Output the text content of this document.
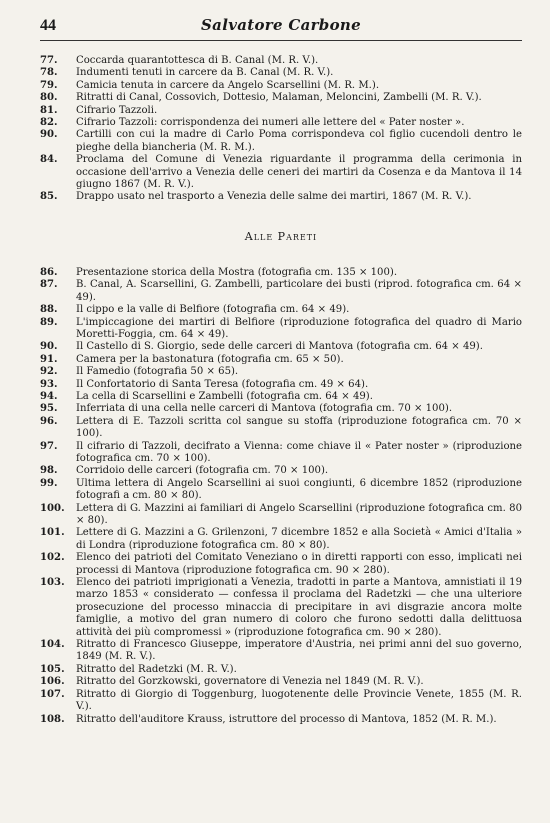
44	Salvatore Carbone
77.	Coccarda quarantottesca di B. Canal (M. R. V.).
78.	Indumenti tenuti in carcere da B. Canal (M. R. V.).
79.	Camicia tenuta in carcere da Angelo Scarsellini (M. R. M.).
80.	Ritratti di Canal, Cossovich, Dottesio, Malaman, Meloncini, Zambelli (M. R. V.).
81.	Cifrario Tazzoli.
82.	Cifrario Tazzoli: corrispondenza dei numeri alle lettere del « Pater noster ».
90.	Cartilli con cui la madre di Carlo Poma corrispondeva col figlio cucendoli dentro le pieghe della biancheria (M. R. M.).
84.	Proclama del Comune di Venezia riguardante il programma della cerimonia in occasione dell'arrivo a Venezia delle ceneri dei martiri da Cosenza e da Mantova il 14 giugno 1867 (M. R. V.).
85.	Drappo usato nel trasporto a Venezia delle salme dei martiri, 1867 (M. R. V.).
Alle Pareti
86.	Presentazione storica della Mostra (fotografia cm. 135 × 100).
87.	B. Canal, A. Scarsellini, G. Zambelli, particolare dei busti (riprod. fotografica cm. 64 × 49).
88.	Il cippo e la valle di Belfiore (fotografia cm. 64 × 49).
89.	L'impiccagione dei martiri di Belfiore (riproduzione fotografica del quadro di Mario Moretti-Foggia, cm. 64 × 49).
90.	Il Castello di S. Giorgio, sede delle carceri di Mantova (fotografia cm. 64 × 49).
91.	Camera per la bastonatura (fotografia cm. 65 × 50).
92.	Il Famedio (fotografia 50 × 65).
93.	Il Confortatorio di Santa Teresa (fotografia cm. 49 × 64).
94.	La cella di Scarsellini e Zambelli (fotografia cm. 64 × 49).
95.	Inferriata di una cella nelle carceri di Mantova (fotografia cm. 70 × 100).
96.	Lettera di E. Tazzoli scritta col sangue su stoffa (riproduzione fotografica cm. 70 × 100).
97.	Il cifrario di Tazzoli, decifrato a Vienna: come chiave il « Pater noster » (riproduzione fotografica cm. 70 × 100).
98.	Corridoio delle carceri (fotografia cm. 70 × 100).
99.	Ultima lettera di Angelo Scarsellini ai suoi congiunti, 6 dicembre 1852 (riproduzione fotografi a cm. 80 × 80).
100.	Lettera di G. Mazzini ai familiari di Angelo Scarsellini (riproduzione fotografica cm. 80 × 80).
101.	Lettere di G. Mazzini a G. Grilenzoni, 7 dicembre 1852 e alla Società « Amici d'Italia » di Londra (riproduzione fotografica cm. 80 × 80).
102.	Elenco dei patrioti del Comitato Veneziano o in diretti rapporti con esso, implicati nei processi di Mantova (riproduzione fotografica cm. 90 × 280).
103.	Elenco dei patrioti imprigionati a Venezia, tradotti in parte a Mantova, amnistiati il 19 marzo 1853 « considerato — confessa il proclama del Radetzki — che una ulteriore prosecuzione del processo minaccia di precipitare in avi disgrazie ancora molte famiglie, a motivo del gran numero di coloro che furono sedotti dalla delittuosa attività dei più compromessi » (riproduzione fotografica cm. 90 × 280).
104.	Ritratto di Francesco Giuseppe, imperatore d'Austria, nei primi anni del suo governo, 1849 (M. R. V.).
105.	Ritratto del Radetzki (M. R. V.).
106.	Ritratto del Gorzkowski, governatore di Venezia nel 1849 (M. R. V.).
107.	Ritratto di Giorgio di Toggenburg, luogotenente delle Provincie Venete, 1855 (M. R. V.).
108.	Ritratto dell'auditore Krauss, istruttore del processo di Mantova, 1852 (M. R. M.).
